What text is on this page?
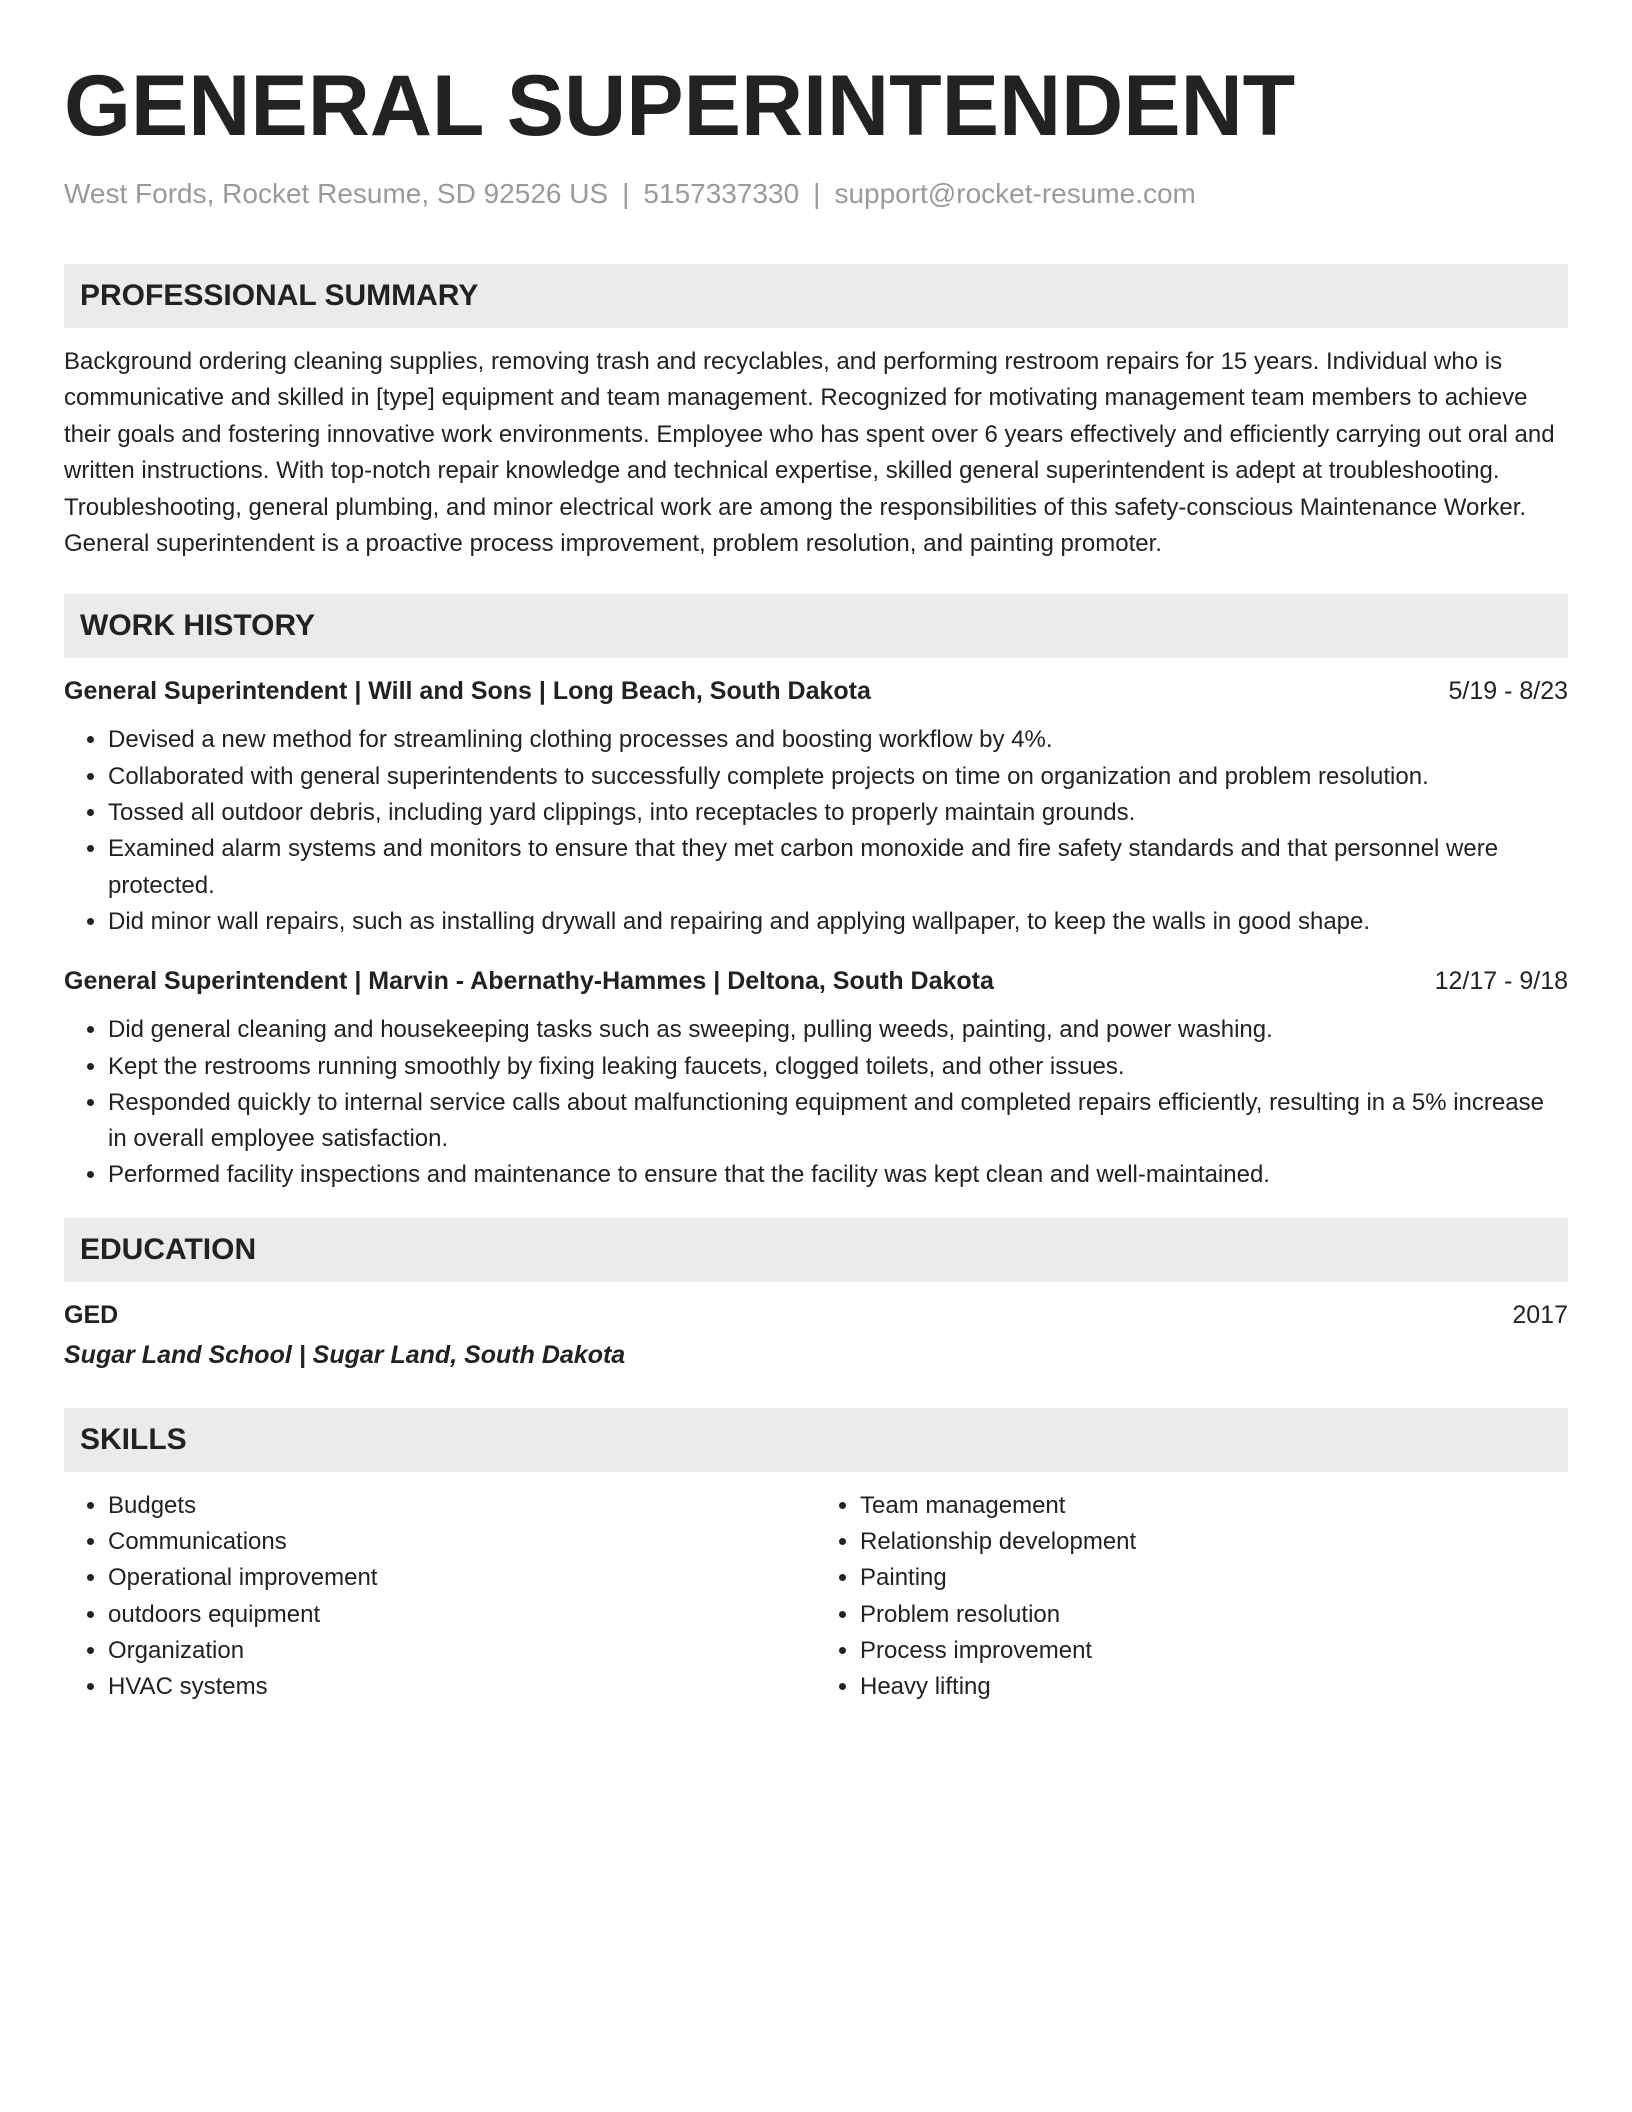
GENERAL SUPERINTENDENT
West Fords, Rocket Resume, SD 92526 US | 5157337330 | support@rocket-resume.com
PROFESSIONAL SUMMARY

Background ordering cleaning supplies, removing trash and recyclables, and performing restroom repairs for 15 years. Individual who is communicative and skilled in [type] equipment and team management. Recognized for motivating management team members to achieve their goals and fostering innovative work environments. Employee who has spent over 6 years effectively and efficiently carrying out oral and written instructions. With top-notch repair knowledge and technical expertise, skilled general superintendent is adept at troubleshooting. Troubleshooting, general plumbing, and minor electrical work are among the responsibilities of this safety-conscious Maintenance Worker. General superintendent is a proactive process improvement, problem resolution, and painting promoter.

WORK HISTORY
General Superintendent | Will and Sons | Long Beach, South Dakota	5/19 - 8/23
• Devised a new method for streamlining clothing processes and boosting workflow by 4%.
• Collaborated with general superintendents to successfully complete projects on time on organization and problem resolution.
• Tossed all outdoor debris, including yard clippings, into receptacles to properly maintain grounds.
• Examined alarm systems and monitors to ensure that they met carbon monoxide and fire safety standards and that personnel were protected.
• Did minor wall repairs, such as installing drywall and repairing and applying wallpaper, to keep the walls in good shape.
General Superintendent | Marvin - Abernathy-Hammes | Deltona, South Dakota	12/17 - 9/18
• Did general cleaning and housekeeping tasks such as sweeping, pulling weeds, painting, and power washing.
• Kept the restrooms running smoothly by fixing leaking faucets, clogged toilets, and other issues.
• Responded quickly to internal service calls about malfunctioning equipment and completed repairs efficiently, resulting in a 5% increase in overall employee satisfaction.
• Performed facility inspections and maintenance to ensure that the facility was kept clean and well-maintained.
EDUCATION
GED	2017
Sugar Land School | Sugar Land, South Dakota
SKILLS
• Budgets
• Communications
• Operational improvement
• outdoors equipment
• Organization
• HVAC systems
• Team management
• Relationship development
• Painting
• Problem resolution
• Process improvement
• Heavy lifting
